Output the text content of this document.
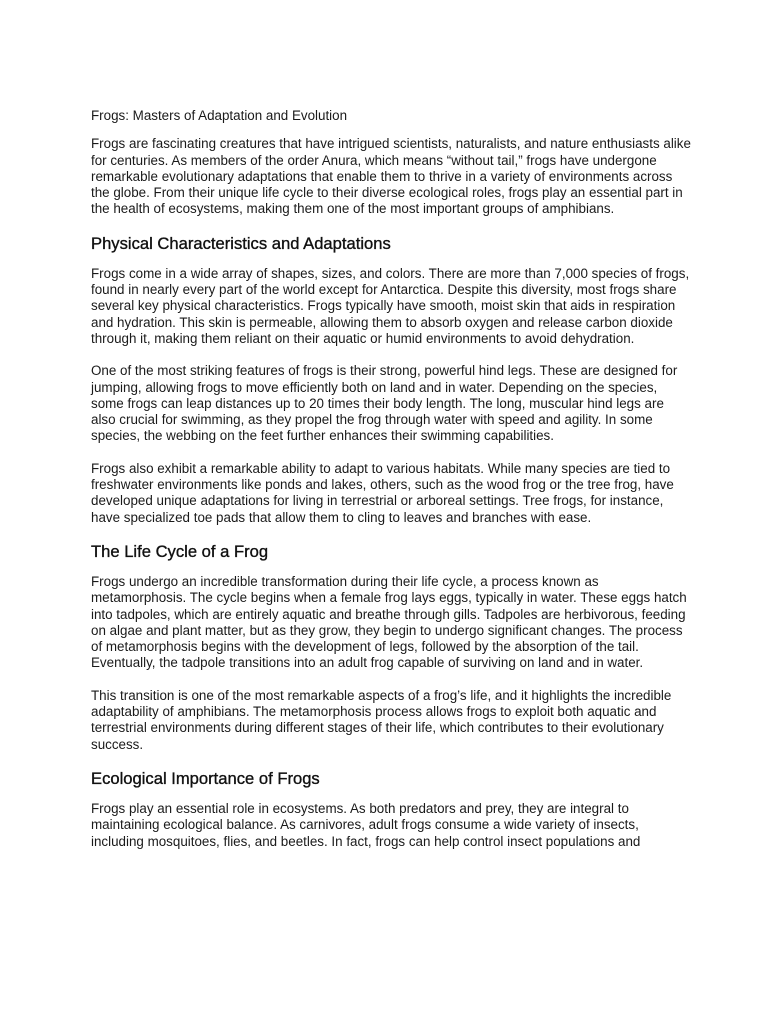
Frogs: Masters of Adaptation and Evolution

Frogs are fascinating creatures that have intrigued scientists, naturalists, and nature enthusiasts alike for centuries. As members of the order Anura, which means “without tail,” frogs have undergone remarkable evolutionary adaptations that enable them to thrive in a variety of environments across the globe. From their unique life cycle to their diverse ecological roles, frogs play an essential part in the health of ecosystems, making them one of the most important groups of amphibians.

Physical Characteristics and Adaptations

Frogs come in a wide array of shapes, sizes, and colors. There are more than 7,000 species of frogs, found in nearly every part of the world except for Antarctica. Despite this diversity, most frogs share several key physical characteristics. Frogs typically have smooth, moist skin that aids in respiration and hydration. This skin is permeable, allowing them to absorb oxygen and release carbon dioxide through it, making them reliant on their aquatic or humid environments to avoid dehydration.

One of the most striking features of frogs is their strong, powerful hind legs. These are designed for jumping, allowing frogs to move efficiently both on land and in water. Depending on the species, some frogs can leap distances up to 20 times their body length. The long, muscular hind legs are also crucial for swimming, as they propel the frog through water with speed and agility. In some species, the webbing on the feet further enhances their swimming capabilities.

Frogs also exhibit a remarkable ability to adapt to various habitats. While many species are tied to freshwater environments like ponds and lakes, others, such as the wood frog or the tree frog, have developed unique adaptations for living in terrestrial or arboreal settings. Tree frogs, for instance, have specialized toe pads that allow them to cling to leaves and branches with ease.

The Life Cycle of a Frog

Frogs undergo an incredible transformation during their life cycle, a process known as metamorphosis. The cycle begins when a female frog lays eggs, typically in water. These eggs hatch into tadpoles, which are entirely aquatic and breathe through gills. Tadpoles are herbivorous, feeding on algae and plant matter, but as they grow, they begin to undergo significant changes. The process of metamorphosis begins with the development of legs, followed by the absorption of the tail. Eventually, the tadpole transitions into an adult frog capable of surviving on land and in water.

This transition is one of the most remarkable aspects of a frog’s life, and it highlights the incredible adaptability of amphibians. The metamorphosis process allows frogs to exploit both aquatic and terrestrial environments during different stages of their life, which contributes to their evolutionary success.

Ecological Importance of Frogs

Frogs play an essential role in ecosystems. As both predators and prey, they are integral to maintaining ecological balance. As carnivores, adult frogs consume a wide variety of insects, including mosquitoes, flies, and beetles. In fact, frogs can help control insect populations and
